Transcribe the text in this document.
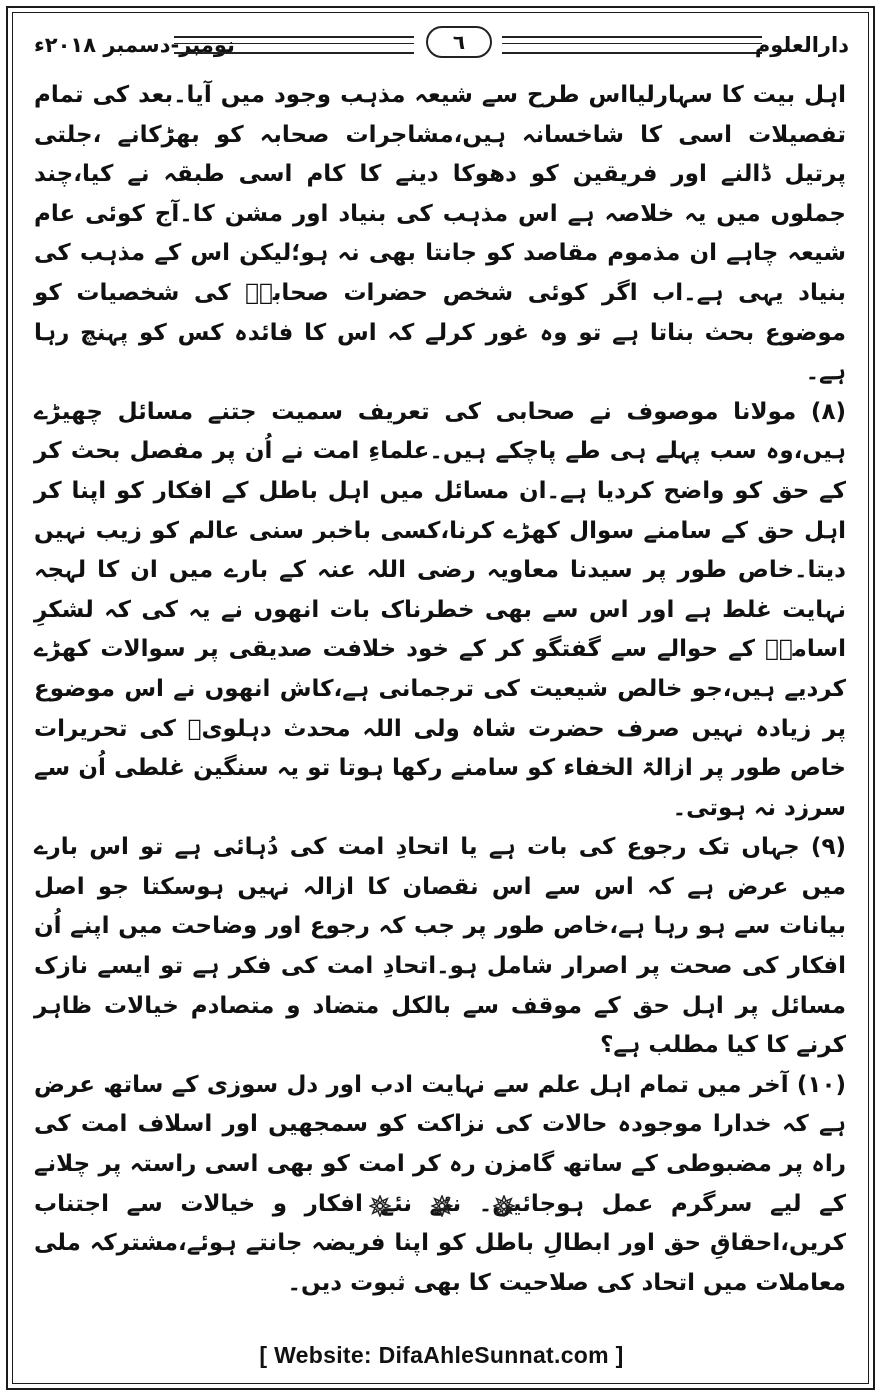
نومبر-دسمبر ۲۰۱۸ء	٦	دارالعلوم

اہل بیت کا سہارلیااس طرح سے شیعہ مذہب وجود میں آیا۔بعد کی تمام تفصیلات اسی کا شاخسانہ ہیں،مشاجرات صحابہ کو بھڑکانے ،جلتی پرتیل ڈالنے اور فریقین کو دھوکا دینے کا کام اسی طبقہ نے کیا،چند جملوں میں یہ خلاصہ ہے اس مذہب کی بنیاد اور مشن کا۔آج کوئی عام شیعہ چاہے ان مذموم مقاصد کو جانتا بھی نہ ہو؛لیکن اس کے مذہب کی بنیاد یہی ہے۔اب اگر کوئی شخص حضرات صحابہؓ کی شخصیات کو موضوع بحث بناتا ہے تو وہ غور کرلے کہ اس کا فائدہ کس کو پہنچ رہا ہے۔

(۸) مولانا موصوف نے صحابی کی تعریف سمیت جتنے مسائل چھیڑے ہیں،وہ سب پہلے ہی طے پاچکے ہیں۔علماءِ امت نے اُن پر مفصل بحث کر کے حق کو واضح کردیا ہے۔ان مسائل میں اہل باطل کے افکار کو اپنا کر اہل حق کے سامنے سوال کھڑے کرنا،کسی باخبر سنی عالم کو زیب نہیں دیتا۔خاص طور پر سیدنا معاویہ رضی اللہ عنہ کے بارے میں ان کا لہجہ نہایت غلط ہے اور اس سے بھی خطرناک بات انھوں نے یہ کی کہ لشکرِ اسامہؓ کے حوالے سے گفتگو کر کے خود خلافت صدیقی پر سوالات کھڑے کردیے ہیں،جو خالص شیعیت کی ترجمانی ہے،کاش انھوں نے اس موضوع پر زیادہ نہیں صرف حضرت شاہ ولی اللہ محدث دہلویؒ کی تحریرات خاص طور پر ازالۃ الخفاء کو سامنے رکھا ہوتا تو یہ سنگین غلطی اُن سے سرزد نہ ہوتی۔

(۹) جہاں تک رجوع کی بات ہے یا اتحادِ امت کی دُہائی ہے تو اس بارے میں عرض ہے کہ اس سے اس نقصان کا ازالہ نہیں ہوسکتا جو اصل بیانات سے ہو رہا ہے،خاص طور پر جب کہ رجوع اور وضاحت میں اپنے اُن افکار کی صحت پر اصرار شامل ہو۔اتحادِ امت کی فکر ہے تو ایسے نازک مسائل پر اہل حق کے موقف سے بالکل متضاد و متصادم خیالات ظاہر کرنے کا کیا مطلب ہے؟

(۱۰) آخر میں تمام اہل علم سے نہایت ادب اور دل سوزی کے ساتھ عرض ہے کہ خدارا موجودہ حالات کی نزاکت کو سمجھیں اور اسلاف امت کی راہ پر مضبوطی کے ساتھ گامزن رہ کر امت کو بھی اسی راستہ پر چلانے کے لیے سرگرم عمل ہوجائیں۔ نئے نئے افکار و خیالات سے اجتناب کریں،احقاقِ حق اور ابطالِ باطل کو اپنا فریضہ جانتے ہوئے،مشترکہ ملی معاملات میں اتحاد کی صلاحیت کا بھی ثبوت دیں۔

[ Website: DifaAhleSunnat.com ]
